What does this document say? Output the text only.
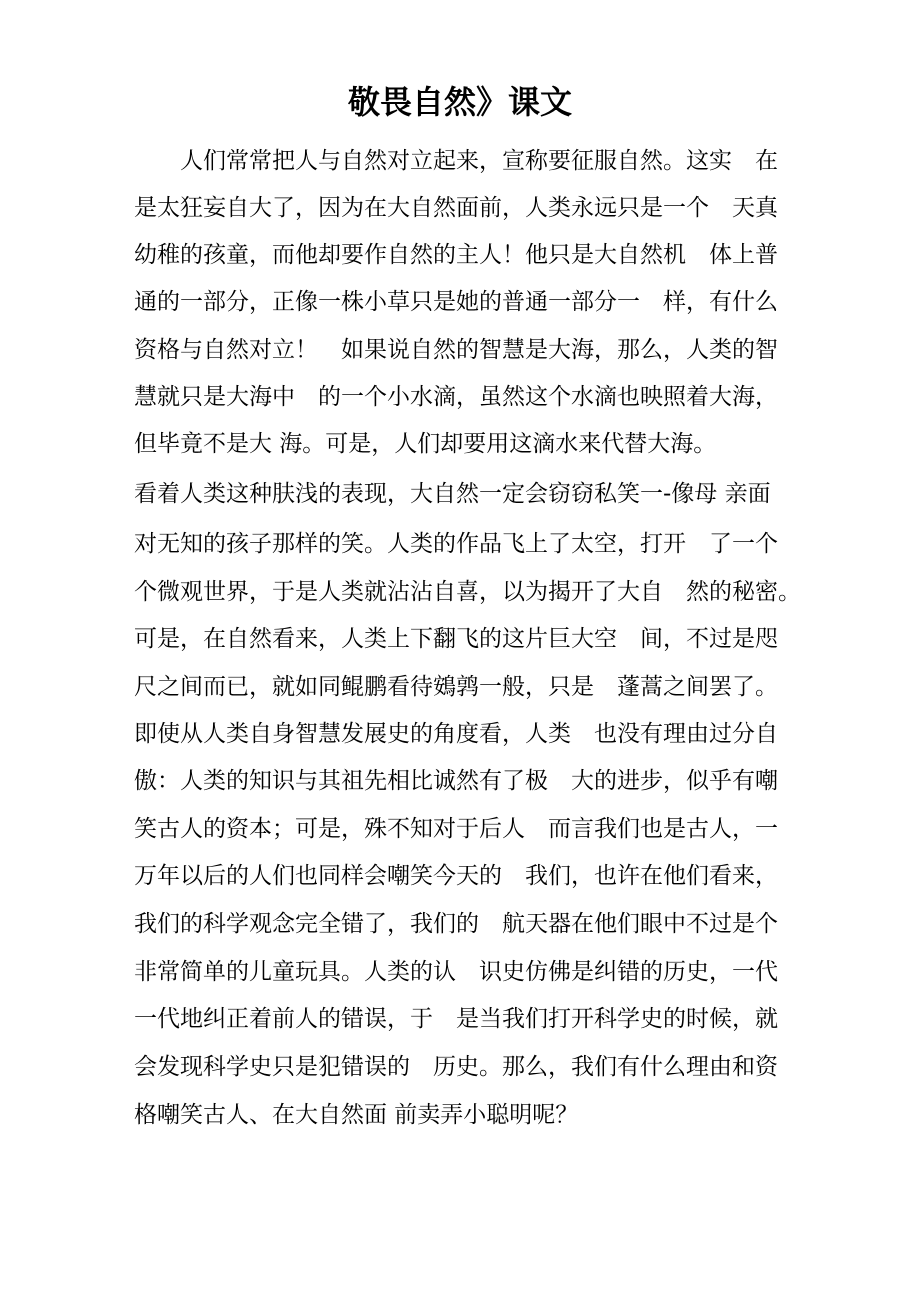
敬畏自然》课文
　　人们常常把人与自然对立起来，宣称要征服自然。这实　在
是太狂妄自大了，因为在大自然面前，人类永远只是一个　天真
幼稚的孩童，而他却要作自然的主人！他只是大自然机　体上普
通的一部分，正像一株小草只是她的普通一部分一　样，有什么
资格与自然对立！　如果说自然的智慧是大海，那么，人类的智
慧就只是大海中　的一个小水滴，虽然这个水滴也映照着大海，
但毕竟不是大 海。可是，人们却要用这滴水来代替大海。
看着人类这种肤浅的表现，大自然一定会窃窃私笑一-像母 亲面
对无知的孩子那样的笑。人类的作品飞上了太空，打开　了一个
个微观世界，于是人类就沾沾自喜，以为揭开了大自　然的秘密。
可是，在自然看来，人类上下翻飞的这片巨大空　间，不过是咫
尺之间而已，就如同鲲鹏看待鴳鹑一般，只是　蓬蒿之间罢了。
即使从人类自身智慧发展史的角度看，人类　也没有理由过分自
傲：人类的知识与其祖先相比诚然有了极　大的进步，似乎有嘲
笑古人的资本；可是，殊不知对于后人　而言我们也是古人，一
万年以后的人们也同样会嘲笑今天的　我们，也许在他们看来，
我们的科学观念完全错了，我们的　航天器在他们眼中不过是个
非常简单的儿童玩具。人类的认　识史仿佛是纠错的历史，一代
一代地纠正着前人的错误，于　是当我们打开科学史的时候，就
会发现科学史只是犯错误的　历史。那么，我们有什么理由和资
格嘲笑古人、在大自然面 前卖弄小聪明呢？
